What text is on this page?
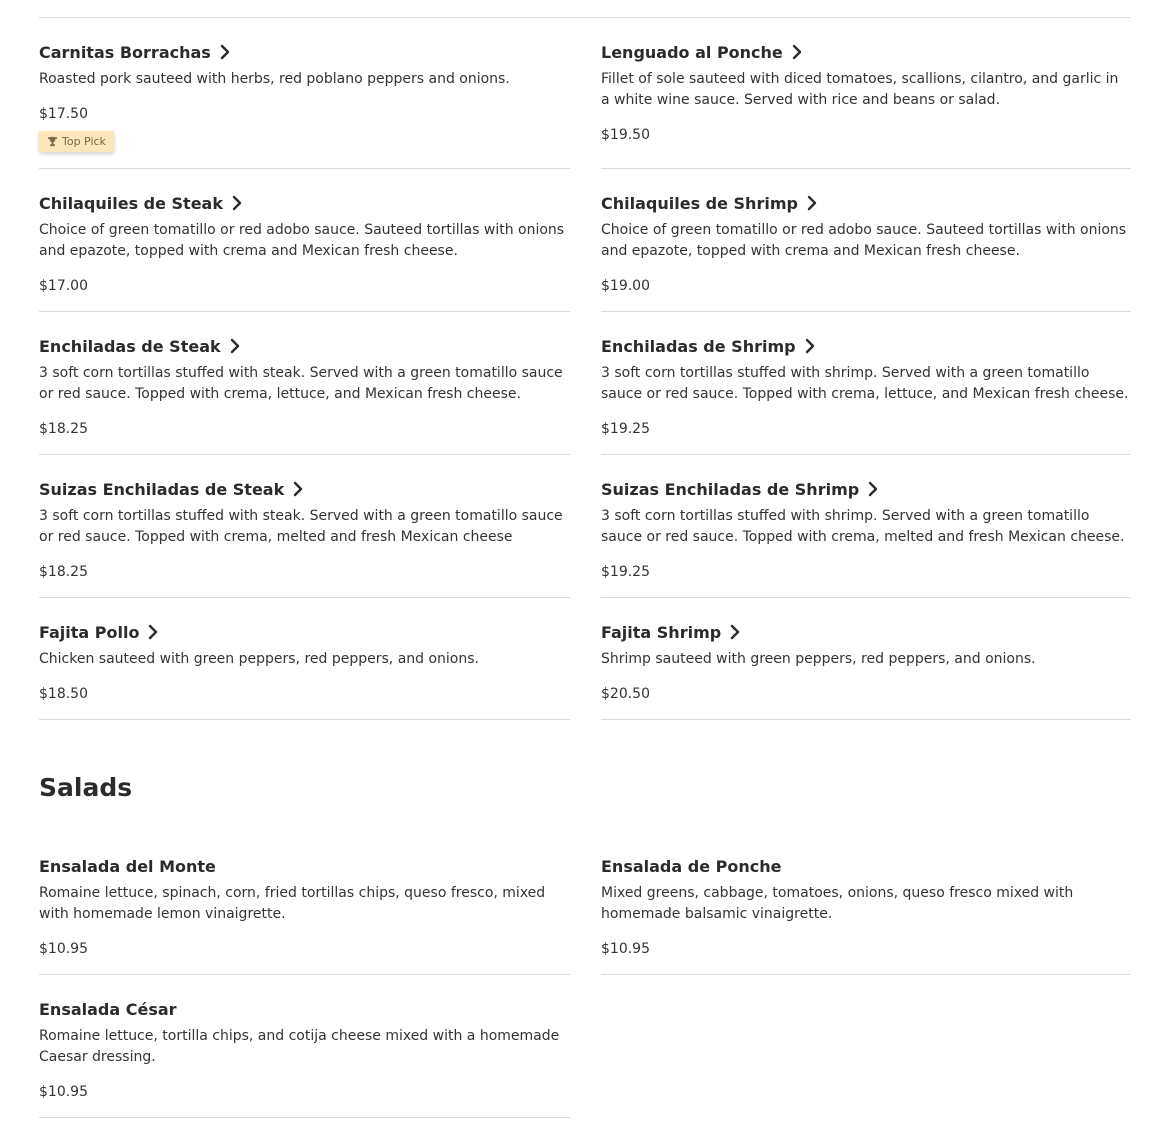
Carnitas Borrachas
Roasted pork sauteed with herbs, red poblano peppers and onions.
$17.50
Top Pick
Lenguado al Ponche
Fillet of sole sauteed with diced tomatoes, scallions, cilantro, and garlic in a white wine sauce. Served with rice and beans or salad.
$19.50
Chilaquiles de Steak
Choice of green tomatillo or red adobo sauce. Sauteed tortillas with onions and epazote, topped with crema and Mexican fresh cheese.
$17.00
Chilaquiles de Shrimp
Choice of green tomatillo or red adobo sauce. Sauteed tortillas with onions and epazote, topped with crema and Mexican fresh cheese.
$19.00
Enchiladas de Steak
3 soft corn tortillas stuffed with steak. Served with a green tomatillo sauce or red sauce. Topped with crema, lettuce, and Mexican fresh cheese.
$18.25
Enchiladas de Shrimp
3 soft corn tortillas stuffed with shrimp. Served with a green tomatillo sauce or red sauce. Topped with crema, lettuce, and Mexican fresh cheese.
$19.25
Suizas Enchiladas de Steak
3 soft corn tortillas stuffed with steak. Served with a green tomatillo sauce or red sauce. Topped with crema, melted and fresh Mexican cheese
$18.25
Suizas Enchiladas de Shrimp
3 soft corn tortillas stuffed with shrimp. Served with a green tomatillo sauce or red sauce. Topped with crema, melted and fresh Mexican cheese.
$19.25
Fajita Pollo
Chicken sauteed with green peppers, red peppers, and onions.
$18.50
Fajita Shrimp
Shrimp sauteed with green peppers, red peppers, and onions.
$20.50
Salads
Ensalada del Monte
Romaine lettuce, spinach, corn, fried tortillas chips, queso fresco, mixed with homemade lemon vinaigrette.
$10.95
Ensalada de Ponche
Mixed greens, cabbage, tomatoes, onions, queso fresco mixed with homemade balsamic vinaigrette.
$10.95
Ensalada César
Romaine lettuce, tortilla chips, and cotija cheese mixed with a homemade Caesar dressing.
$10.95
